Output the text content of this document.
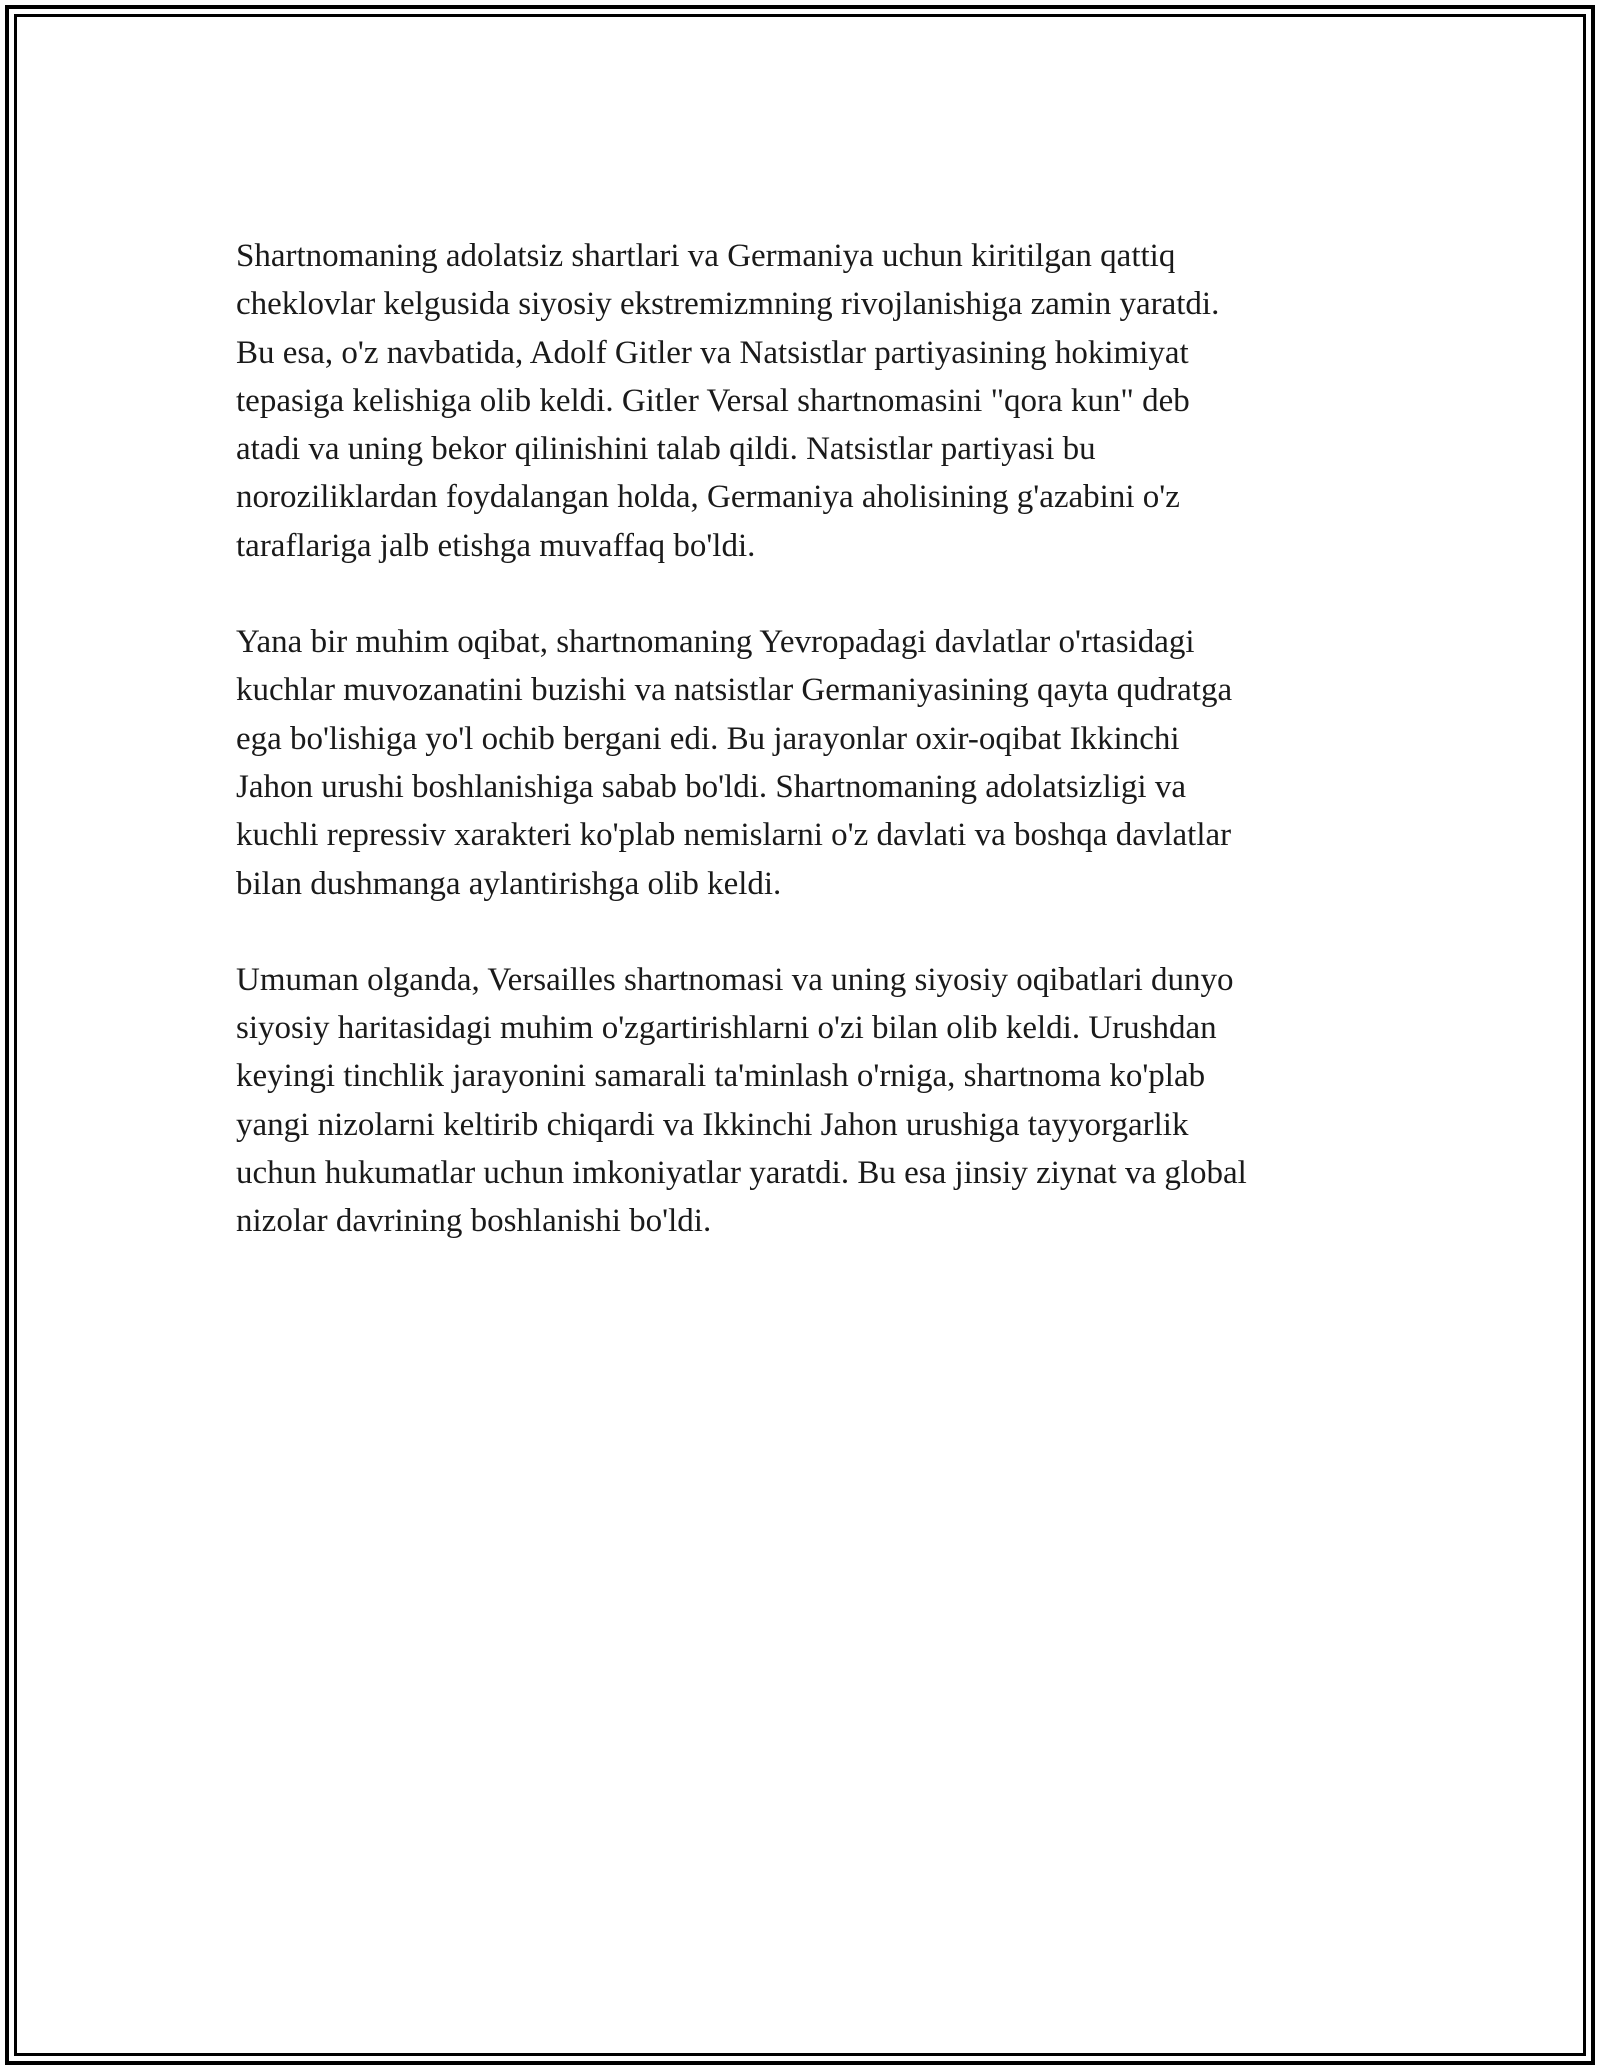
Shartnomaning adolatsiz shartlari va Germaniya uchun kiritilgan qattiq
cheklovlar kelgusida siyosiy ekstremizmning rivojlanishiga zamin yaratdi.
Bu esa, o'z navbatida, Adolf Gitler va Natsistlar partiyasining hokimiyat
tepasiga kelishiga olib keldi. Gitler Versal shartnomasini "qora kun" deb
atadi va uning bekor qilinishini talab qildi. Natsistlar partiyasi bu
noroziliklardan foydalangan holda, Germaniya aholisining g'azabini o'z
taraflariga jalb etishga muvaffaq bo'ldi.

Yana bir muhim oqibat, shartnomaning Yevropadagi davlatlar o'rtasidagi
kuchlar muvozanatini buzishi va natsistlar Germaniyasining qayta qudratga
ega bo'lishiga yo'l ochib bergani edi. Bu jarayonlar oxir-oqibat Ikkinchi
Jahon urushi boshlanishiga sabab bo'ldi. Shartnomaning adolatsizligi va
kuchli repressiv xarakteri ko'plab nemislarni o'z davlati va boshqa davlatlar
bilan dushmanga aylantirishga olib keldi.

Umuman olganda, Versailles shartnomasi va uning siyosiy oqibatlari dunyo
siyosiy haritasidagi muhim o'zgartirishlarni o'zi bilan olib keldi. Urushdan
keyingi tinchlik jarayonini samarali ta'minlash o'rniga, shartnoma ko'plab
yangi nizolarni keltirib chiqardi va Ikkinchi Jahon urushiga tayyorgarlik
uchun hukumatlar uchun imkoniyatlar yaratdi. Bu esa jinsiy ziynat va global
nizolar davrining boshlanishi bo'ldi.
